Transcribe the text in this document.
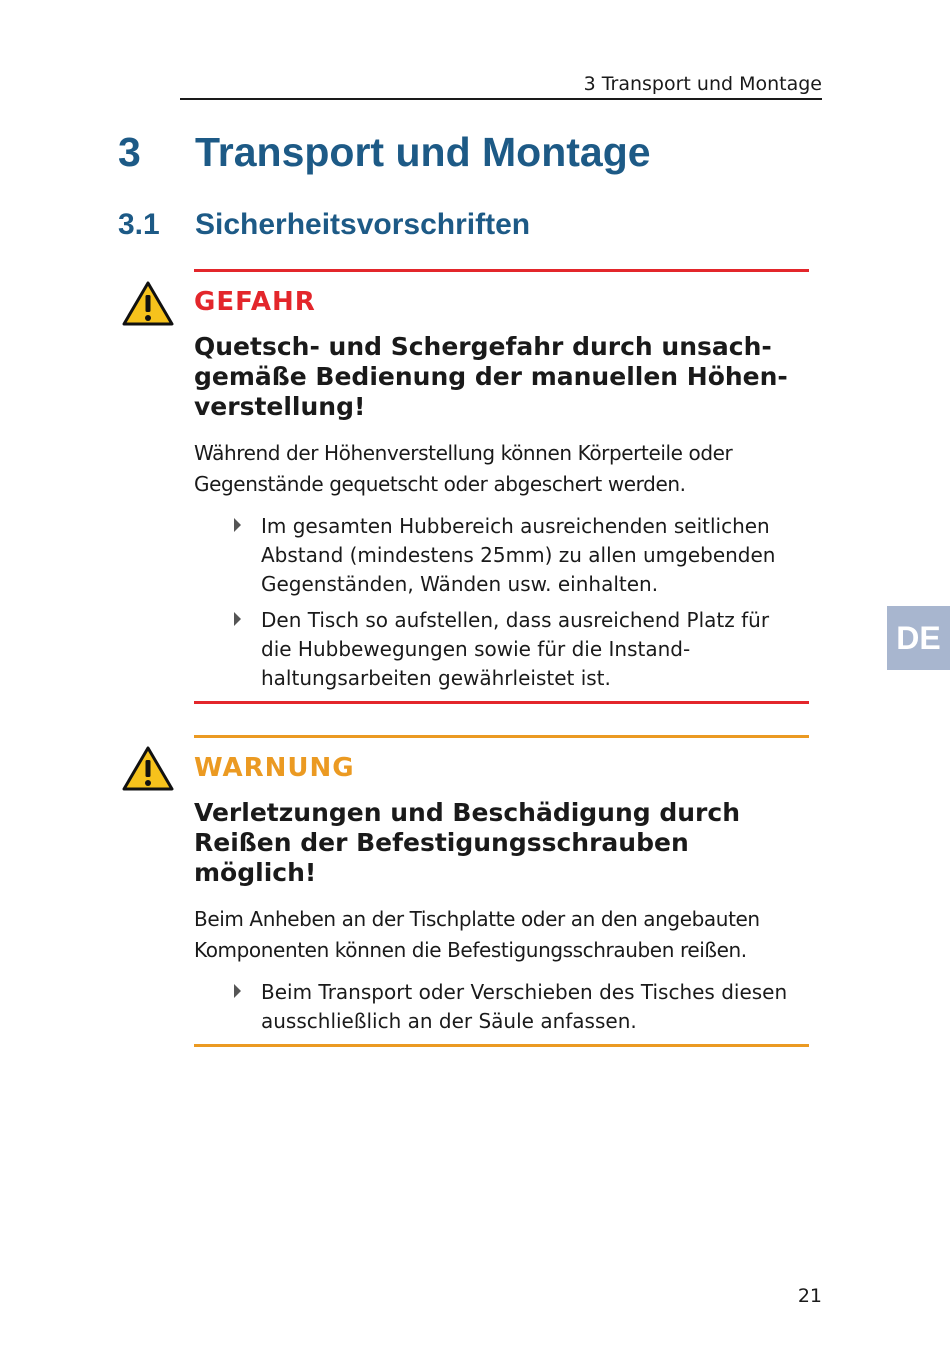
3 Transport und Montage
3 Transport und Montage
3.1 Sicherheitsvorschriften
GEFAHR
Quetsch- und Schergefahr durch unsach-
gemäße Bedienung der manuellen Höhen-
verstellung!
Während der Höhenverstellung können Körperteile oder
Gegenstände gequetscht oder abgeschert werden.
Im gesamten Hubbereich ausreichenden seitlichen
Abstand (mindestens 25mm) zu allen umgebenden
Gegenständen, Wänden usw. einhalten.
Den Tisch so aufstellen, dass ausreichend Platz für
die Hubbewegungen sowie für die Instand-
haltungsarbeiten gewährleistet ist.
WARNUNG
Verletzungen und Beschädigung durch
Reißen der Befestigungsschrauben möglich!
Beim Anheben an der Tischplatte oder an den angebauten
Komponenten können die Befestigungsschrauben reißen.
Beim Transport oder Verschieben des Tisches diesen
ausschließlich an der Säule anfassen.
DE
21
